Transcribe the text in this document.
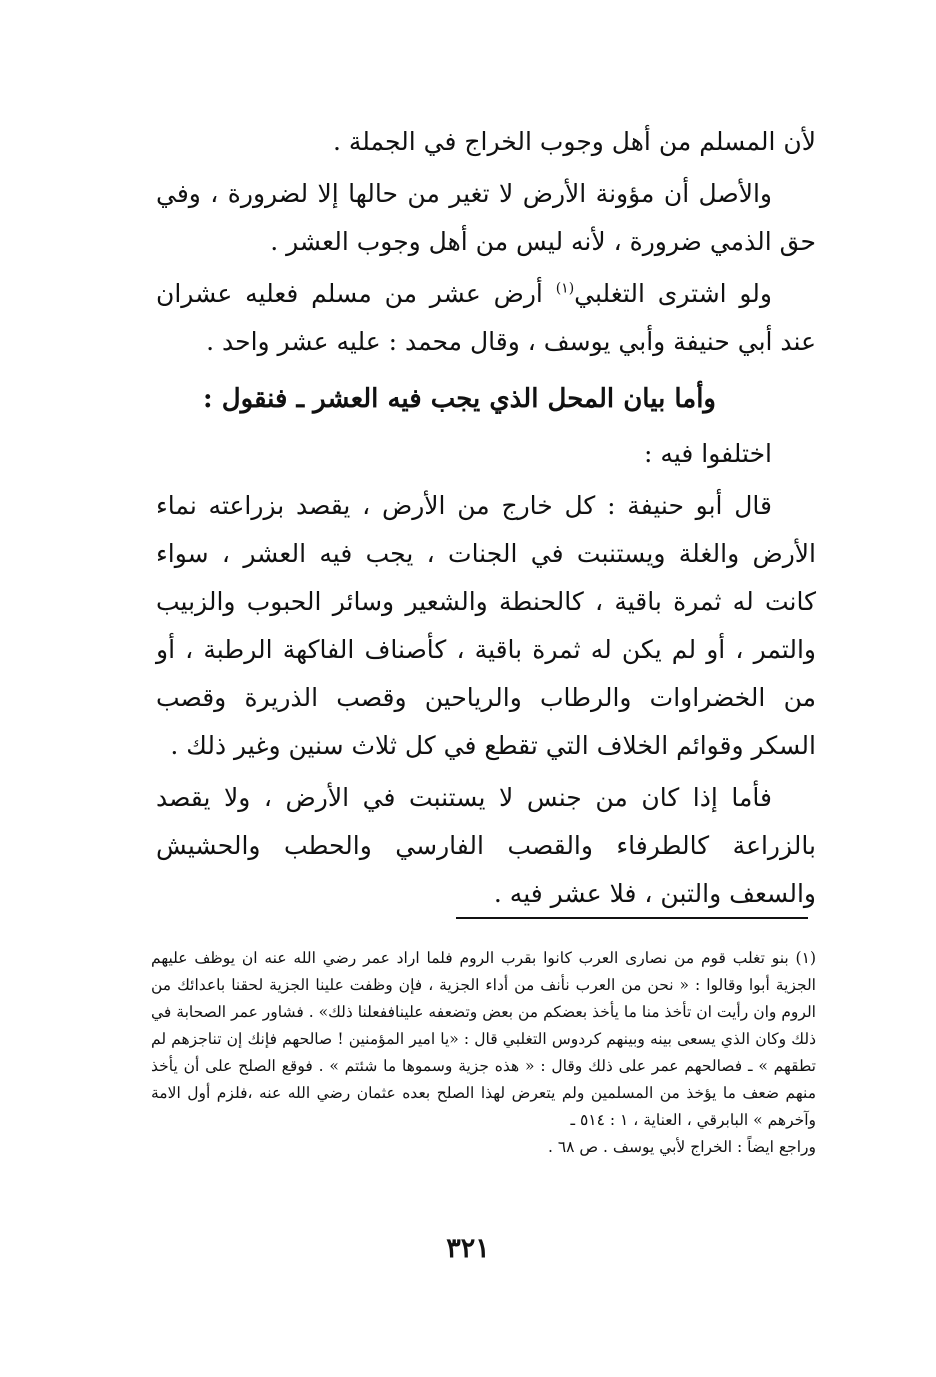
لأن المسلم من أهل وجوب الخراج في الجملة .

والأصل أن مؤونة الأرض لا تغير من حالها إلا لضرورة ، وفي حق الذمي ضرورة ، لأنه ليس من أهل وجوب العشر .

ولو اشترى التغلبي$^{(١)}$ أرض عشر من مسلم فعليه عشران عند أبي حنيفة وأبي يوسف ، وقال محمد : عليه عشر واحد .

وأما بيان المحل الذي يجب فيه العشر ـ فنقول :

اختلفوا فيه :

قال أبو حنيفة : كل خارج من الأرض ، يقصد بزراعته نماء الأرض والغلة ويستنبت في الجنات ، يجب فيه العشر ، سواء كانت له ثمرة باقية ، كالحنطة والشعير وسائر الحبوب والزبيب والتمر ، أو لم يكن له ثمرة باقية ، كأصناف الفاكهة الرطبة ، أو من الخضراوات والرطاب والرياحين وقصب الذريرة وقصب السكر وقوائم الخلاف التي تقطع في كل ثلاث سنين وغير ذلك .

فأما إذا كان من جنس لا يستنبت في الأرض ، ولا يقصد بالزراعة كالطرفاء والقصب الفارسي والحطب والحشيش والسعف والتبن ، فلا عشر فيه .

(١) بنو تغلب قوم من نصارى العرب كانوا بقرب الروم فلما اراد عمر رضي الله عنه ان يوظف عليهم الجزية أبوا وقالوا : « نحن من العرب نأنف من أداء الجزية ، فإن وظفت علينا الجزية لحقنا باعدائك من الروم وان رأيت ان تأخذ منا ما يأخذ بعضكم من بعض وتضعفه عليناففعلنا ذلك» . فشاور عمر الصحابة في ذلك وكان الذي يسعى بينه وبينهم كردوس التغلبي قال : «يا امير المؤمنين ! صالحهم فإنك إن تناجزهم لم تطقهم » ـ فصالحهم عمر على ذلك وقال : « هذه جزية وسموها ما شئتم » . فوقع الصلح على أن يأخذ منهم ضعف ما يؤخذ من المسلمين ولم يتعرض لهذا الصلح بعده عثمان رضي الله عنه ،فلزم أول الامة وآخرهم » البابرقي ، العناية ، ١ : ٥١٤ ـ

وراجع ايضاً : الخراج لأبي يوسف . ص ٦٨ .

٣٢١
